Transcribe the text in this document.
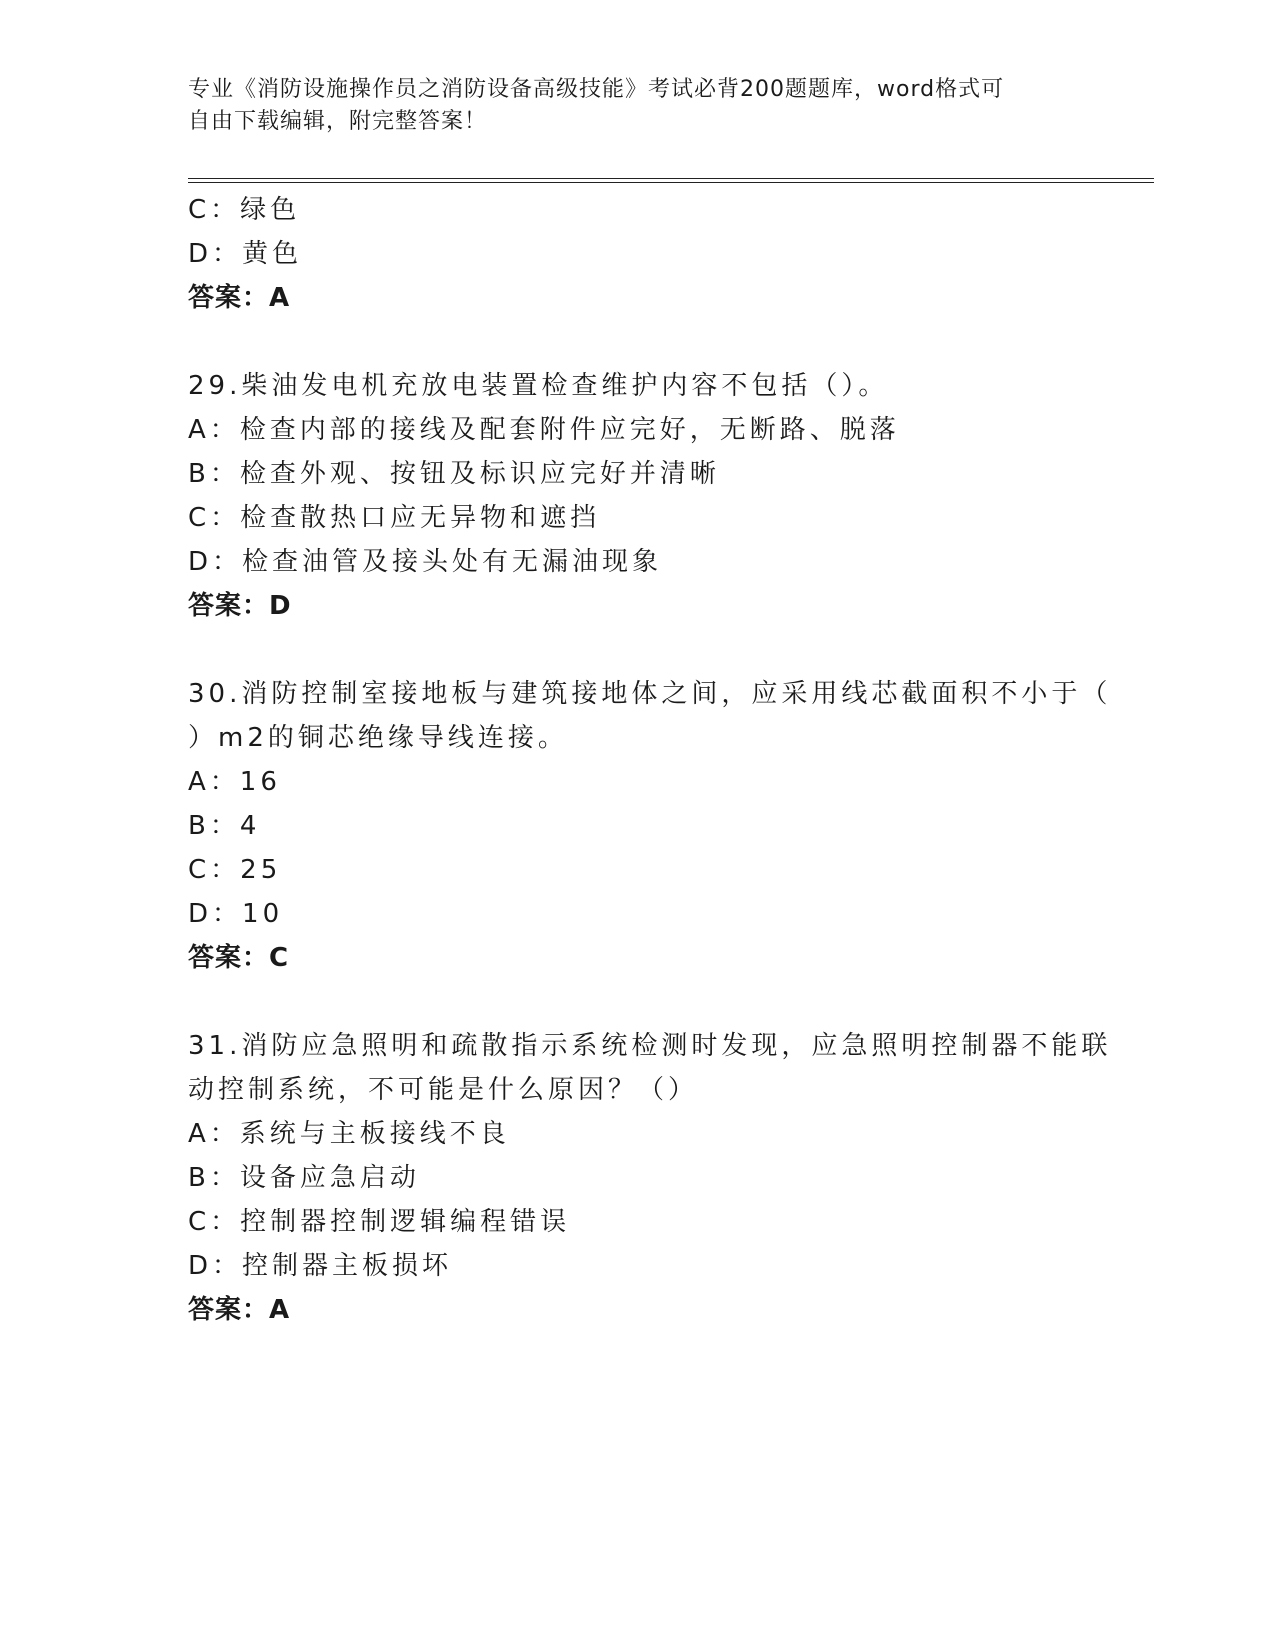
专业《消防设施操作员之消防设备高级技能》考试必背200题题库，word格式可
自由下载编辑，附完整答案！
C：绿色
D：黄色
答案：A
29.柴油发电机充放电装置检查维护内容不包括（）。
A：检查内部的接线及配套附件应完好，无断路、脱落
B：检查外观、按钮及标识应完好并清晰
C：检查散热口应无异物和遮挡
D：检查油管及接头处有无漏油现象
答案：D
30.消防控制室接地板与建筑接地体之间，应采用线芯截面积不小于（
）m2的铜芯绝缘导线连接。
A：16
B：4
C：25
D：10
答案：C
31.消防应急照明和疏散指示系统检测时发现，应急照明控制器不能联
动控制系统，不可能是什么原因？（）
A：系统与主板接线不良
B：设备应急启动
C：控制器控制逻辑编程错误
D：控制器主板损坏
答案：A
